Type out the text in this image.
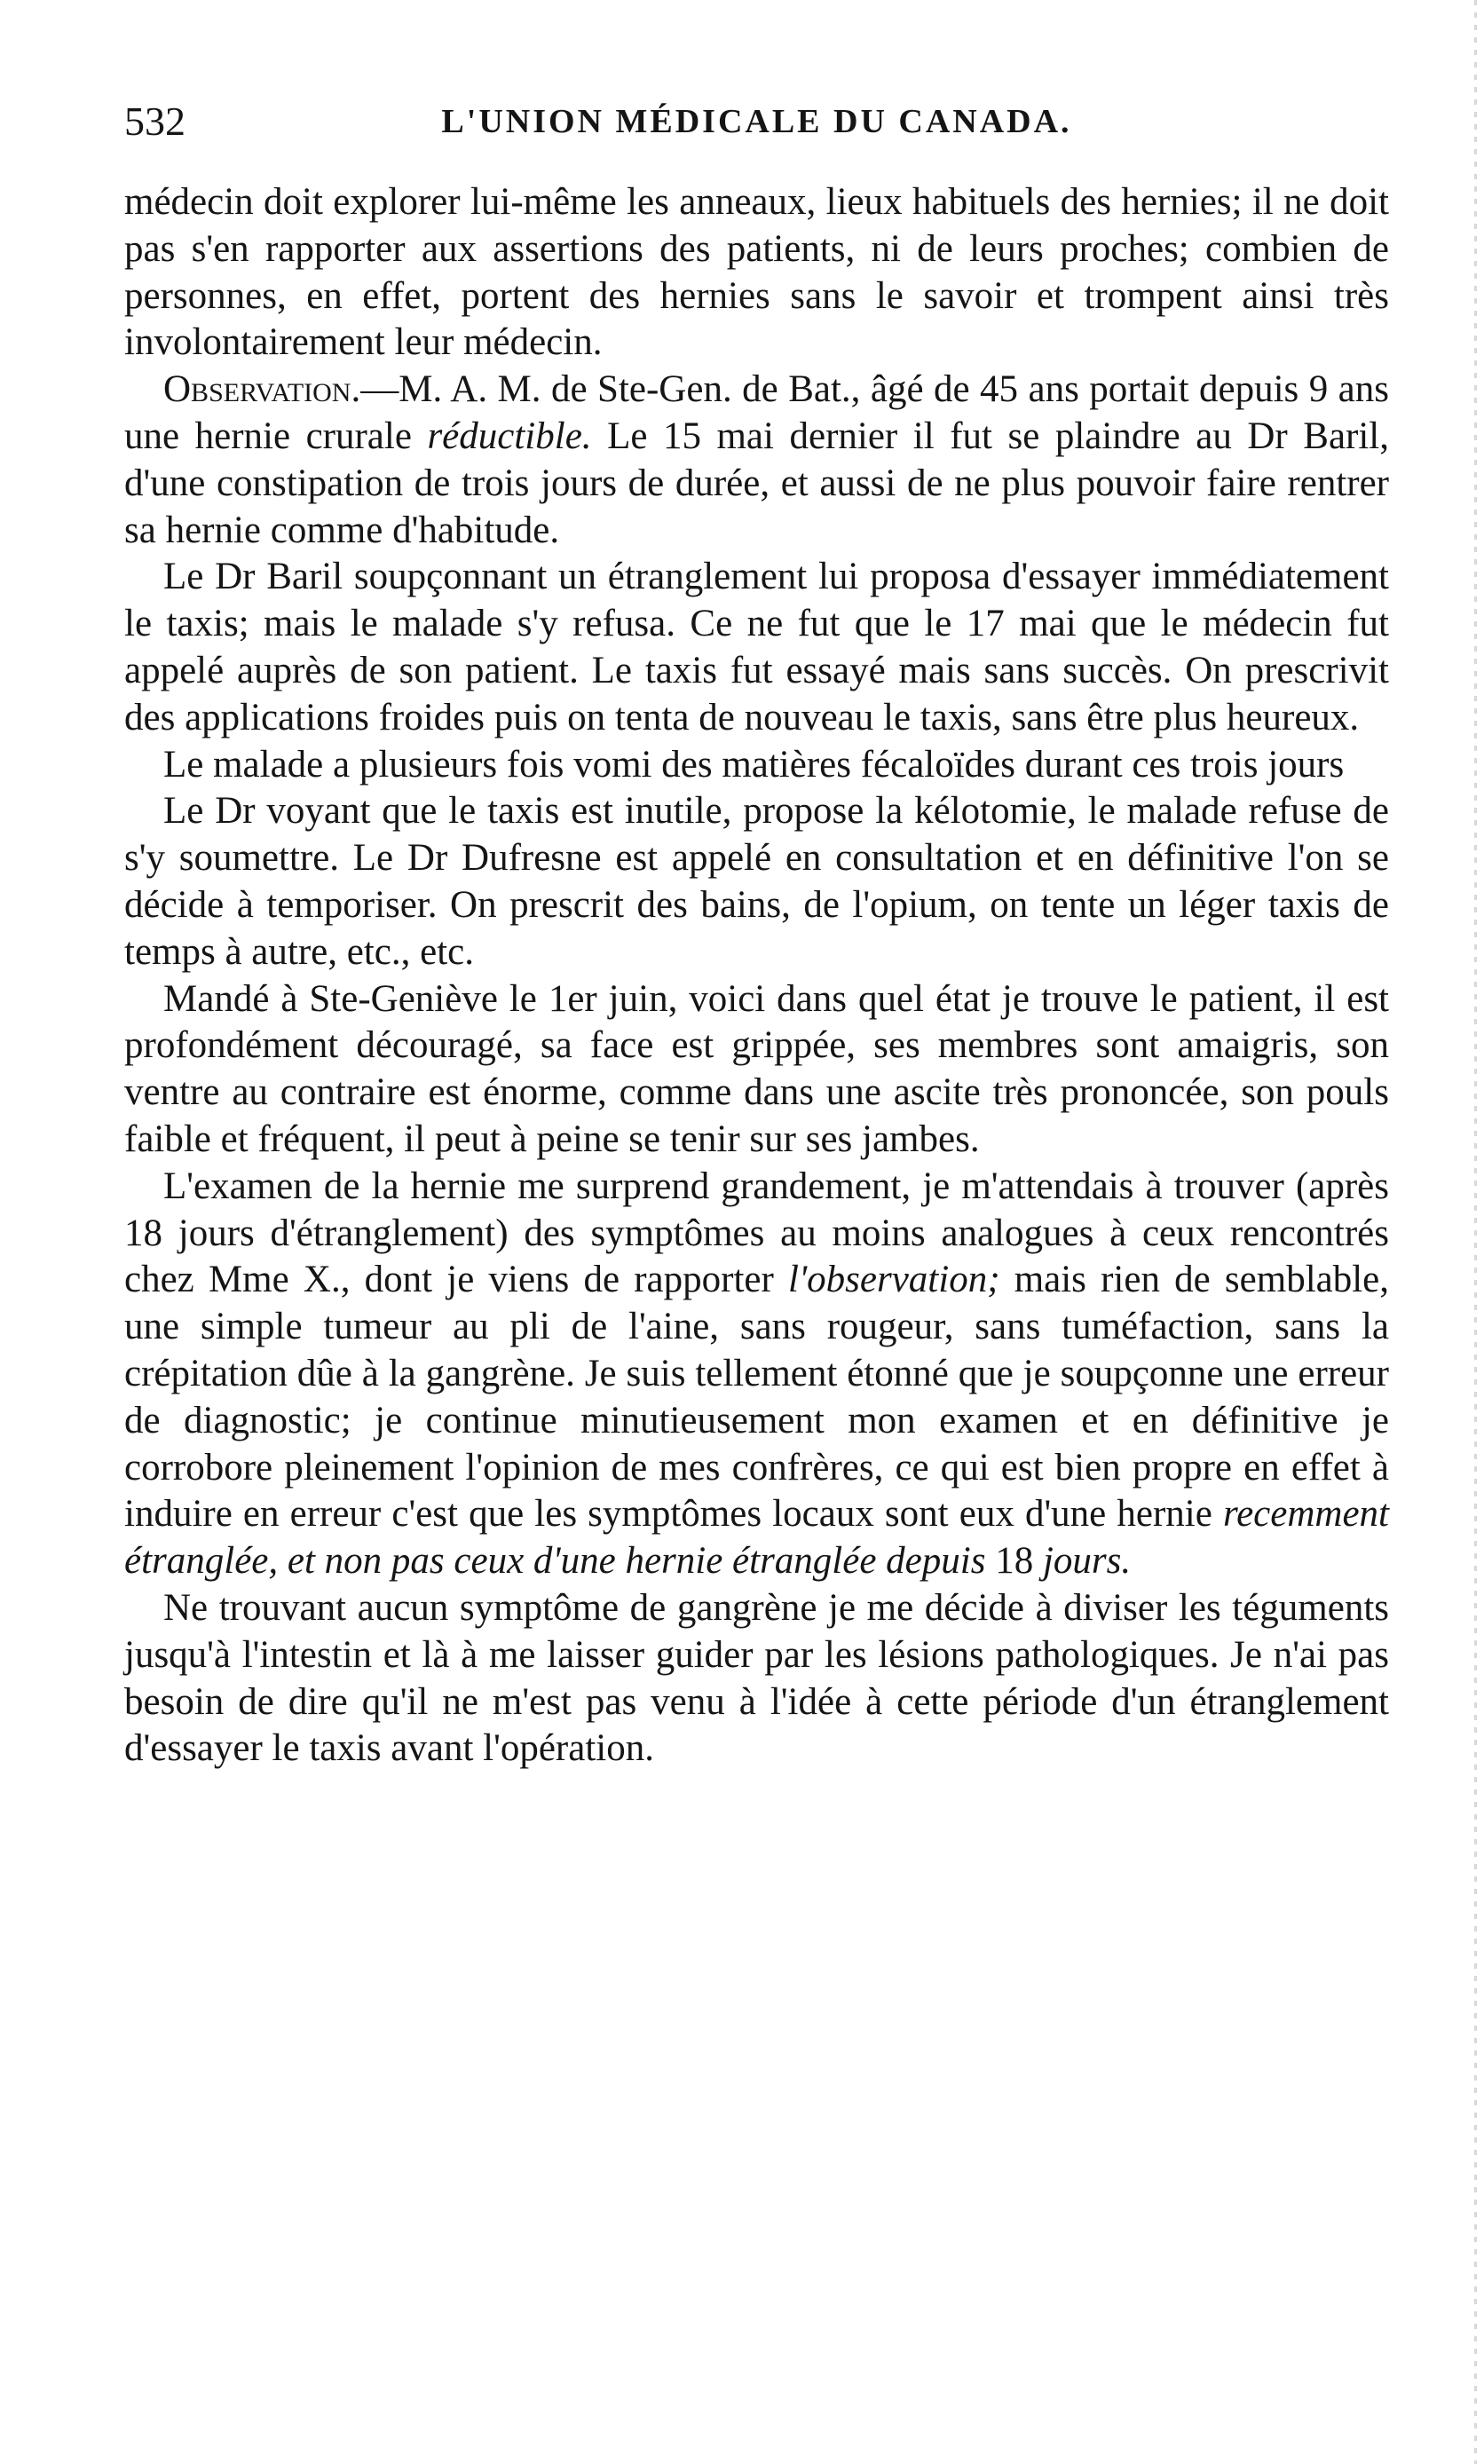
532	L'UNION MÉDICALE DU CANADA.

médecin doit explorer lui-même les anneaux, lieux habituels des hernies; il ne doit pas s'en rapporter aux assertions des patients, ni de leurs proches; combien de personnes, en effet, portent des hernies sans le savoir et trompent ainsi très involontairement leur médecin.

Observation.—M. A. M. de Ste-Gen. de Bat., âgé de 45 ans portait depuis 9 ans une hernie crurale réductible. Le 15 mai dernier il fut se plaindre au Dr Baril, d'une constipation de trois jours de durée, et aussi de ne plus pouvoir faire rentrer sa hernie comme d'habitude.

Le Dr Baril soupçonnant un étranglement lui proposa d'essayer immédiatement le taxis; mais le malade s'y refusa. Ce ne fut que le 17 mai que le médecin fut appelé auprès de son patient. Le taxis fut essayé mais sans succès. On prescrivit des applications froides puis on tenta de nouveau le taxis, sans être plus heureux.

Le malade a plusieurs fois vomi des matières fécaloïdes durant ces trois jours

Le Dr voyant que le taxis est inutile, propose la kélotomie, le malade refuse de s'y soumettre. Le Dr Dufresne est appelé en consultation et en définitive l'on se décide à temporiser. On prescrit des bains, de l'opium, on tente un léger taxis de temps à autre, etc., etc.

Mandé à Ste-Geniève le 1er juin, voici dans quel état je trouve le patient, il est profondément découragé, sa face est grippée, ses membres sont amaigris, son ventre au contraire est énorme, comme dans une ascite très prononcée, son pouls faible et fréquent, il peut à peine se tenir sur ses jambes.

L'examen de la hernie me surprend grandement, je m'attendais à trouver (après 18 jours d'étranglement) des symptômes au moins analogues à ceux rencontrés chez Mme X., dont je viens de rapporter l'observation; mais rien de semblable, une simple tumeur au pli de l'aine, sans rougeur, sans tuméfaction, sans la crépitation dûe à la gangrène. Je suis tellement étonné que je soupçonne une erreur de diagnostic; je continue minutieusement mon examen et en définitive je corrobore pleinement l'opinion de mes confrères, ce qui est bien propre en effet à induire en erreur c'est que les symptômes locaux sont eux d'une hernie recemment étranglée, et non pas ceux d'une hernie étranglée depuis 18 jours.

Ne trouvant aucun symptôme de gangrène je me décide à diviser les téguments jusqu'à l'intestin et là à me laisser guider par les lésions pathologiques. Je n'ai pas besoin de dire qu'il ne m'est pas venu à l'idée à cette période d'un étranglement d'essayer le taxis avant l'opération.
